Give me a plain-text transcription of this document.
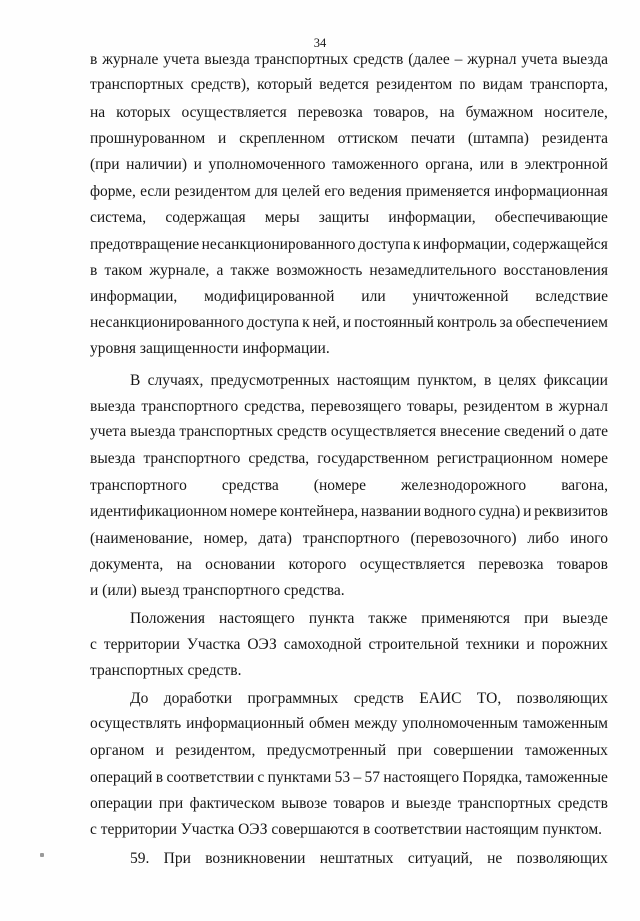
34
в журнале учета выезда транспортных средств (далее – журнал учета выезда
транспортных средств), который ведется резидентом по видам транспорта,
на которых осуществляется перевозка товаров, на бумажном носителе,
прошнурованном и скрепленном оттиском печати (штампа) резидента
(при наличии) и уполномоченного таможенного органа, или в электронной
форме, если резидентом для целей его ведения применяется информационная
система, содержащая меры защиты информации, обеспечивающие
предотвращение несанкционированного доступа к информации, содержащейся
в таком журнале, а также возможность незамедлительного восстановления
информации, модифицированной или уничтоженной вследствие
несанкционированного доступа к ней, и постоянный контроль за обеспечением
уровня защищенности информации.
В случаях, предусмотренных настоящим пунктом, в целях фиксации
выезда транспортного средства, перевозящего товары, резидентом в журнал
учета выезда транспортных средств осуществляется внесение сведений о дате
выезда транспортного средства, государственном регистрационном номере
транспортного средства (номере железнодорожного вагона,
идентификационном номере контейнера, названии водного судна) и реквизитов
(наименование, номер, дата) транспортного (перевозочного) либо иного
документа, на основании которого осуществляется перевозка товаров
и (или) выезд транспортного средства.
Положения настоящего пункта также применяются при выезде
с территории Участка ОЭЗ самоходной строительной техники и порожних
транспортных средств.
До доработки программных средств ЕАИС ТО, позволяющих
осуществлять информационный обмен между уполномоченным таможенным
органом и резидентом, предусмотренный при совершении таможенных
операций в соответствии с пунктами 53 – 57 настоящего Порядка, таможенные
операции при фактическом вывозе товаров и выезде транспортных средств
с территории Участка ОЭЗ совершаются в соответствии настоящим пунктом.
59. При возникновении нештатных ситуаций, не позволяющих
